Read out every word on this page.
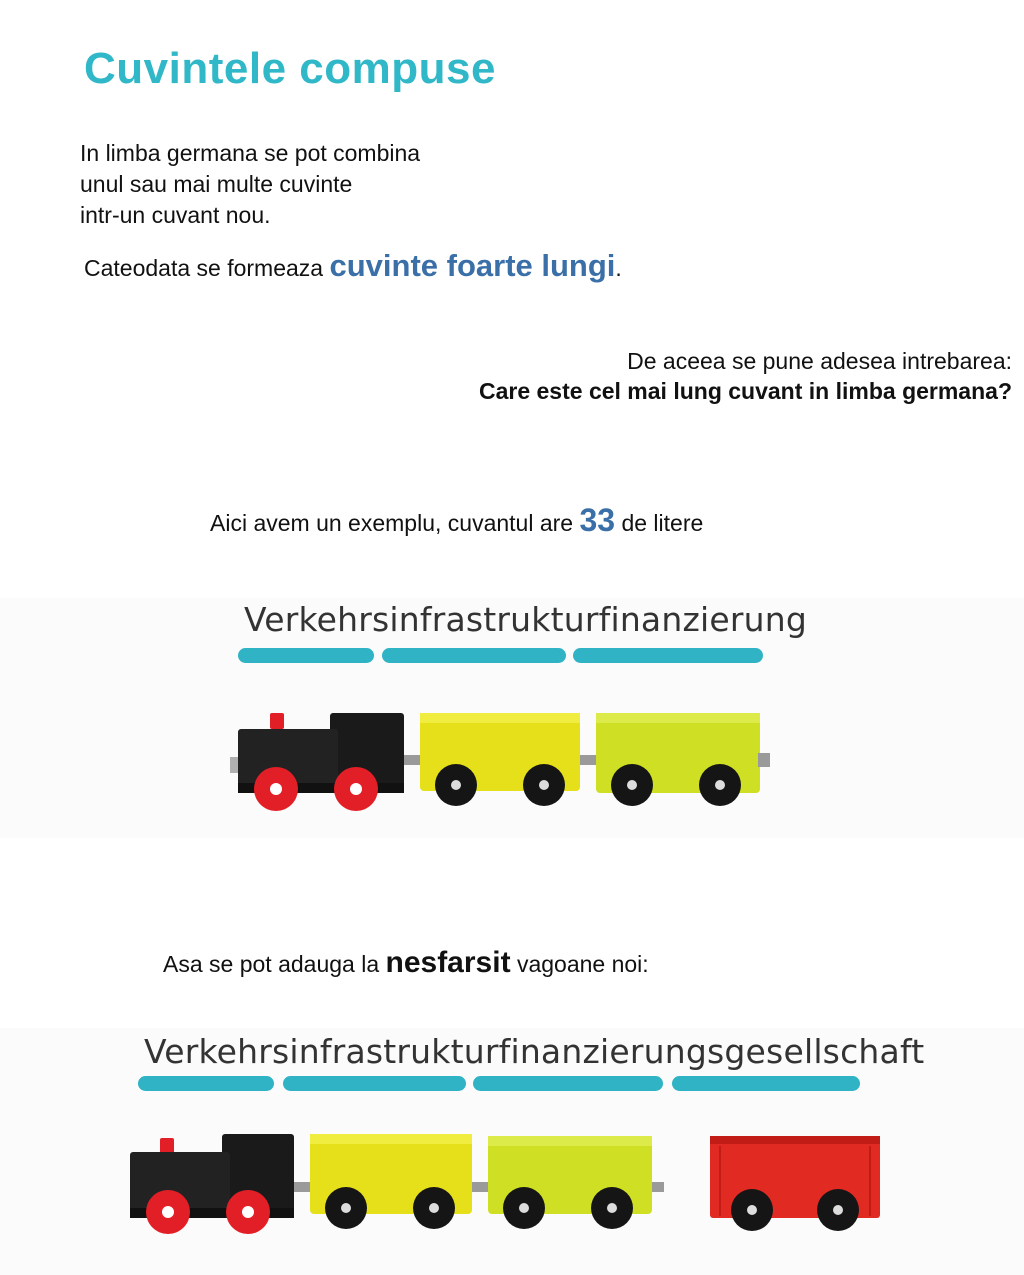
Cuvintele compuse
In limba germana se pot combina
unul sau mai multe cuvinte
intr-un cuvant nou.
Cateodata se formeaza cuvinte foarte lungi.
De aceea se pune adesea intrebarea:
Care este cel mai lung cuvant in limba germana?
Aici avem un exemplu, cuvantul are 33 de litere
Verkehrsinfrastrukturfinanzierung
Asa se pot adauga la nesfarsit vagoane noi:
Verkehrsinfrastrukturfinanzierungsgesellschaft
